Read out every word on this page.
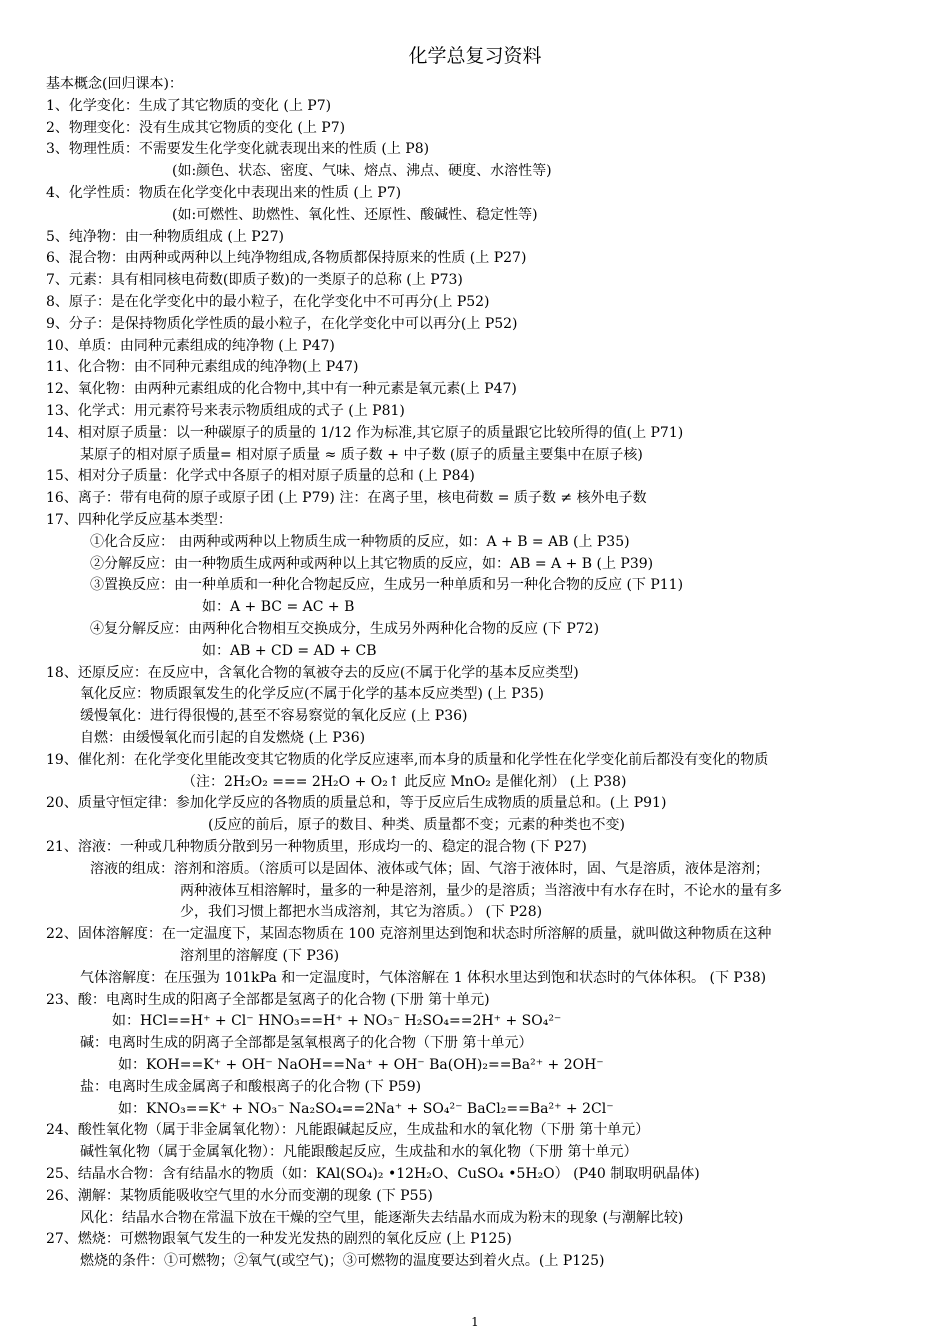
化学总复习资料
基本概念(回归课本)：
1、化学变化：生成了其它物质的变化 (上 P7)
2、物理变化：没有生成其它物质的变化 (上 P7)
3、物理性质：不需要发生化学变化就表现出来的性质 (上 P8)
(如:颜色、状态、密度、气味、熔点、沸点、硬度、水溶性等)
4、化学性质：物质在化学变化中表现出来的性质 (上 P7)
(如:可燃性、助燃性、氧化性、还原性、酸碱性、稳定性等)
5、纯净物：由一种物质组成 (上 P27)
6、混合物：由两种或两种以上纯净物组成,各物质都保持原来的性质 (上 P27)
7、元素：具有相同核电荷数(即质子数)的一类原子的总称 (上 P73)
8、原子：是在化学变化中的最小粒子，在化学变化中不可再分(上 P52)
9、分子：是保持物质化学性质的最小粒子，在化学变化中可以再分(上 P52)
10、单质：由同种元素组成的纯净物 (上 P47)
11、化合物：由不同种元素组成的纯净物(上 P47)
12、氧化物：由两种元素组成的化合物中,其中有一种元素是氧元素(上 P47)
13、化学式：用元素符号来表示物质组成的式子 (上 P81)
14、相对原子质量：以一种碳原子的质量的 1/12 作为标准,其它原子的质量跟它比较所得的值(上 P71)
某原子的相对原子质量= 相对原子质量 ≈ 质子数 + 中子数 (原子的质量主要集中在原子核)
15、相对分子质量：化学式中各原子的相对原子质量的总和 (上 P84)
16、离子：带有电荷的原子或原子团 (上 P79) 注：在离子里，核电荷数 = 质子数 ≠ 核外电子数
17、四种化学反应基本类型：
①化合反应： 由两种或两种以上物质生成一种物质的反应，如：A + B = AB (上 P35)
②分解反应：由一种物质生成两种或两种以上其它物质的反应，如：AB = A + B (上 P39)
③置换反应：由一种单质和一种化合物起反应，生成另一种单质和另一种化合物的反应 (下 P11)
如：A + BC = AC + B
④复分解反应：由两种化合物相互交换成分，生成另外两种化合物的反应 (下 P72)
如：AB + CD = AD + CB
18、还原反应：在反应中，含氧化合物的氧被夺去的反应(不属于化学的基本反应类型)
氧化反应：物质跟氧发生的化学反应(不属于化学的基本反应类型) (上 P35)
缓慢氧化：进行得很慢的,甚至不容易察觉的氧化反应 (上 P36)
自燃：由缓慢氧化而引起的自发燃烧 (上 P36)
19、催化剂：在化学变化里能改变其它物质的化学反应速率,而本身的质量和化学性在化学变化前后都没有变化的物质
（注：2H₂O₂ === 2H₂O + O₂↑ 此反应 MnO₂ 是催化剂） (上 P38)
20、质量守恒定律：参加化学反应的各物质的质量总和，等于反应后生成物质的质量总和。(上 P91)
(反应的前后，原子的数目、种类、质量都不变；元素的种类也不变)
21、溶液：一种或几种物质分散到另一种物质里，形成均一的、稳定的混合物 (下 P27)
溶液的组成：溶剂和溶质。（溶质可以是固体、液体或气体；固、气溶于液体时，固、气是溶质，液体是溶剂；
两种液体互相溶解时，量多的一种是溶剂，量少的是溶质；当溶液中有水存在时，不论水的量有多
少，我们习惯上都把水当成溶剂，其它为溶质。） (下 P28)
22、固体溶解度：在一定温度下，某固态物质在 100 克溶剂里达到饱和状态时所溶解的质量，就叫做这种物质在这种
溶剂里的溶解度 (下 P36)
气体溶解度：在压强为 101kPa 和一定温度时，气体溶解在 1 体积水里达到饱和状态时的气体体积。 (下 P38)
23、酸：电离时生成的阳离子全部都是氢离子的化合物 (下册 第十单元)
如：HCl==H⁺ + Cl⁻ HNO₃==H⁺ + NO₃⁻ H₂SO₄==2H⁺ + SO₄²⁻
碱：电离时生成的阴离子全部都是氢氧根离子的化合物（下册 第十单元）
如：KOH==K⁺ + OH⁻ NaOH==Na⁺ + OH⁻ Ba(OH)₂==Ba²⁺ + 2OH⁻
盐：电离时生成金属离子和酸根离子的化合物 (下 P59)
如：KNO₃==K⁺ + NO₃⁻ Na₂SO₄==2Na⁺ + SO₄²⁻ BaCl₂==Ba²⁺ + 2Cl⁻
24、酸性氧化物（属于非金属氧化物）：凡能跟碱起反应，生成盐和水的氧化物（下册 第十单元）
碱性氧化物（属于金属氧化物）：凡能跟酸起反应，生成盐和水的氧化物（下册 第十单元）
25、结晶水合物：含有结晶水的物质（如：KAl(SO₄)₂ •12H₂O、CuSO₄ •5H₂O） (P40 制取明矾晶体)
26、潮解：某物质能吸收空气里的水分而变潮的现象 (下 P55)
风化：结晶水合物在常温下放在干燥的空气里，能逐渐失去结晶水而成为粉末的现象 (与潮解比较)
27、燃烧：可燃物跟氧气发生的一种发光发热的剧烈的氧化反应 (上 P125)
燃烧的条件：①可燃物；②氧气(或空气)；③可燃物的温度要达到着火点。(上 P125)
1
